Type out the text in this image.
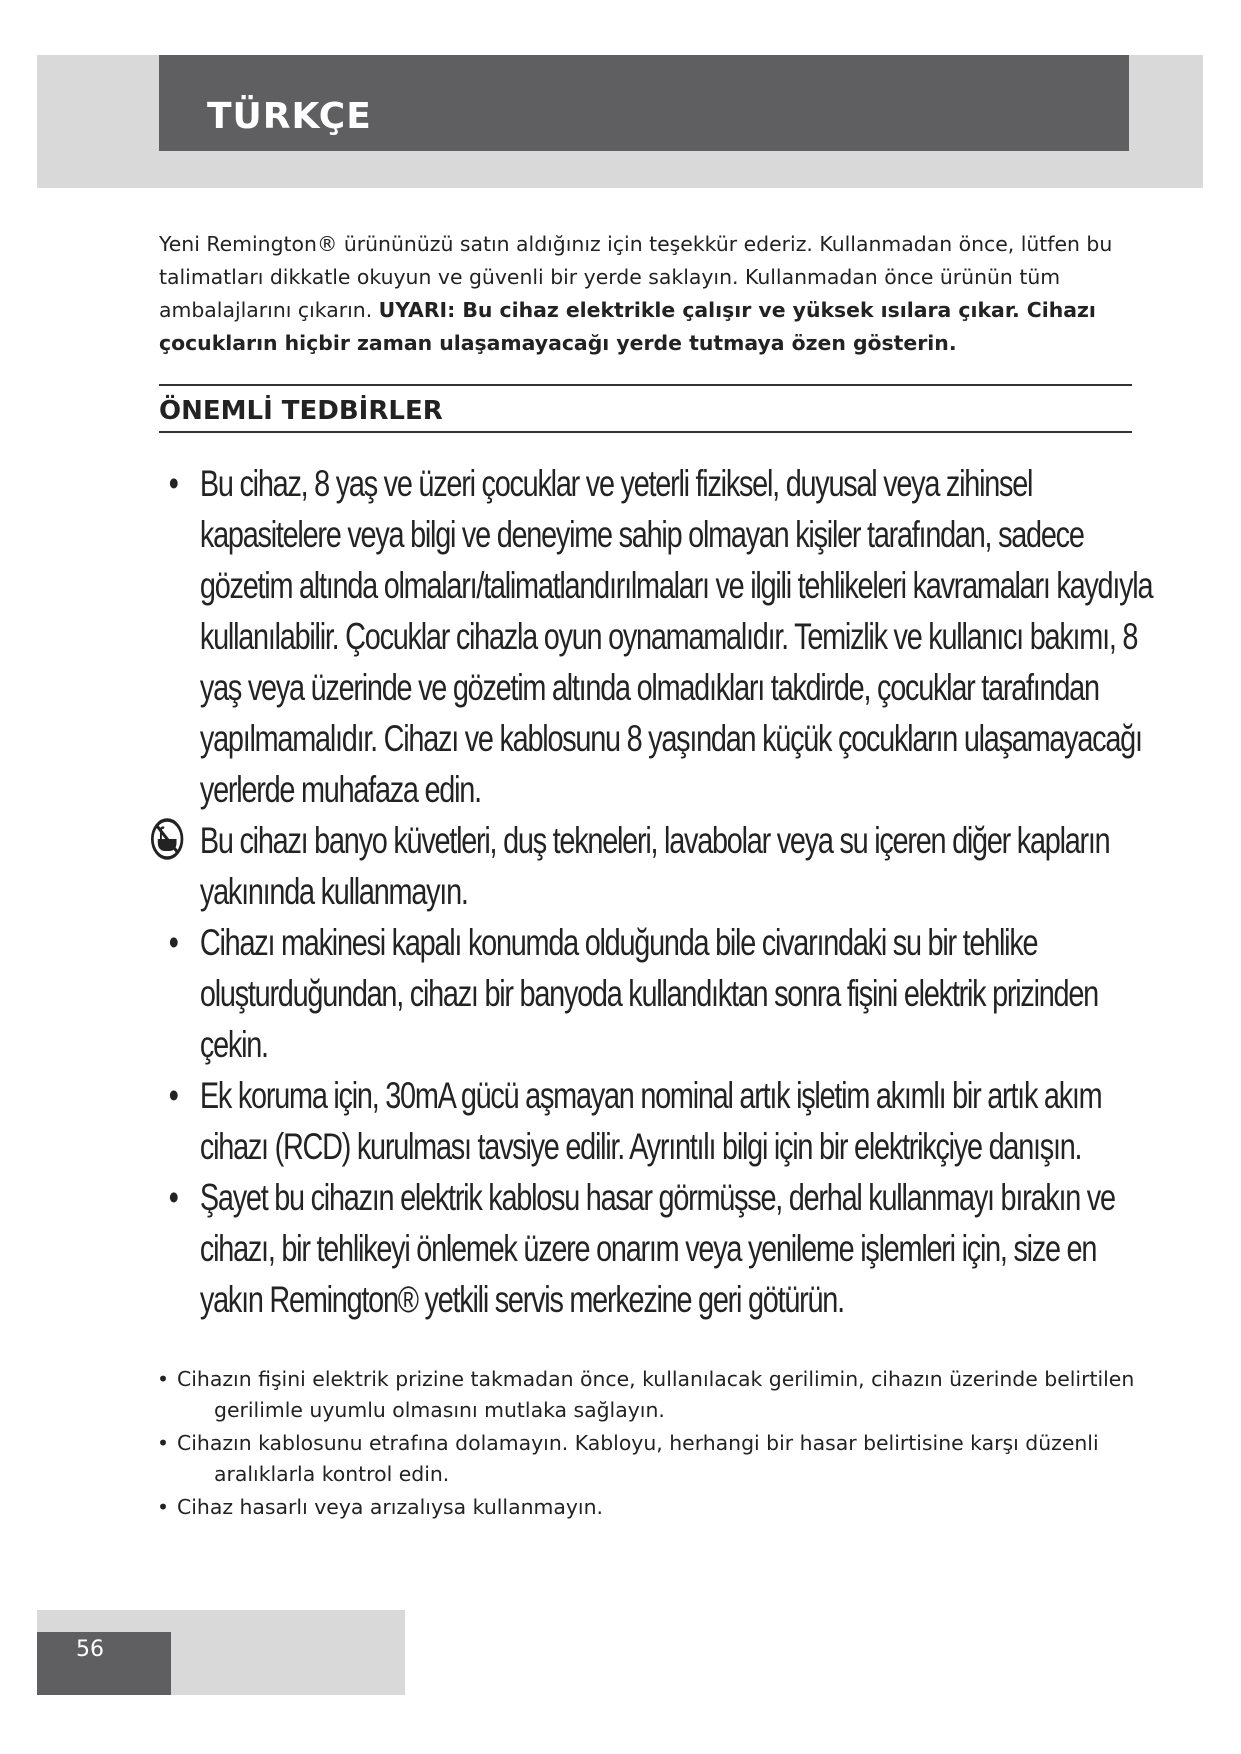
TÜRKÇE
Yeni Remington® ürününüzü satın aldığınız için teşekkür ederiz. Kullanmadan önce, lütfen bu talimatları dikkatle okuyun ve güvenli bir yerde saklayın. Kullanmadan önce ürünün tüm ambalajlarını çıkarın. UYARI: Bu cihaz elektrikle çalışır ve yüksek ısılara çıkar. Cihazı çocukların hiçbir zaman ulaşamayacağı yerde tutmaya özen gösterin.
ÖNEMLİ TEDBİRLER
• Bu cihaz, 8 yaş ve üzeri çocuklar ve yeterli fiziksel, duyusal veya zihinsel kapasitelere veya bilgi ve deneyime sahip olmayan kişiler tarafından, sadece gözetim altında olmaları/talimatlandırılmaları ve ilgili tehlikeleri kavramaları kaydıyla kullanılabilir. Çocuklar cihazla oyun oynamamalıdır. Temizlik ve kullanıcı bakımı, 8 yaş veya üzerinde ve gözetim altında olmadıkları takdirde, çocuklar tarafından yapılmamalıdır. Cihazı ve kablosunu 8 yaşından küçük çocukların ulaşamayacağı yerlerde muhafaza edin.
Bu cihazı banyo küvetleri, duş tekneleri, lavabolar veya su içeren diğer kapların yakınında kullanmayın.
• Cihazı makinesi kapalı konumda olduğunda bile civarındaki su bir tehlike oluşturduğundan, cihazı bir banyoda kullandıktan sonra fişini elektrik prizinden çekin.
• Ek koruma için, 30mA gücü aşmayan nominal artık işletim akımlı bir artık akım cihazı (RCD) kurulması tavsiye edilir. Ayrıntılı bilgi için bir elektrikçiye danışın.
• Şayet bu cihazın elektrik kablosu hasar görmüşse, derhal kullanmayı bırakın ve cihazı, bir tehlikeyi önlemek üzere onarım veya yenileme işlemleri için, size en yakın Remington® yetkili servis merkezine geri götürün.
• Cihazın fişini elektrik prizine takmadan önce, kullanılacak gerilimin, cihazın üzerinde belirtilen gerilimle uyumlu olmasını mutlaka sağlayın.
• Cihazın kablosunu etrafına dolamayın. Kabloyu, herhangi bir hasar belirtisine karşı düzenli aralıklarla kontrol edin.
• Cihaz hasarlı veya arızalıysa kullanmayın.
56
